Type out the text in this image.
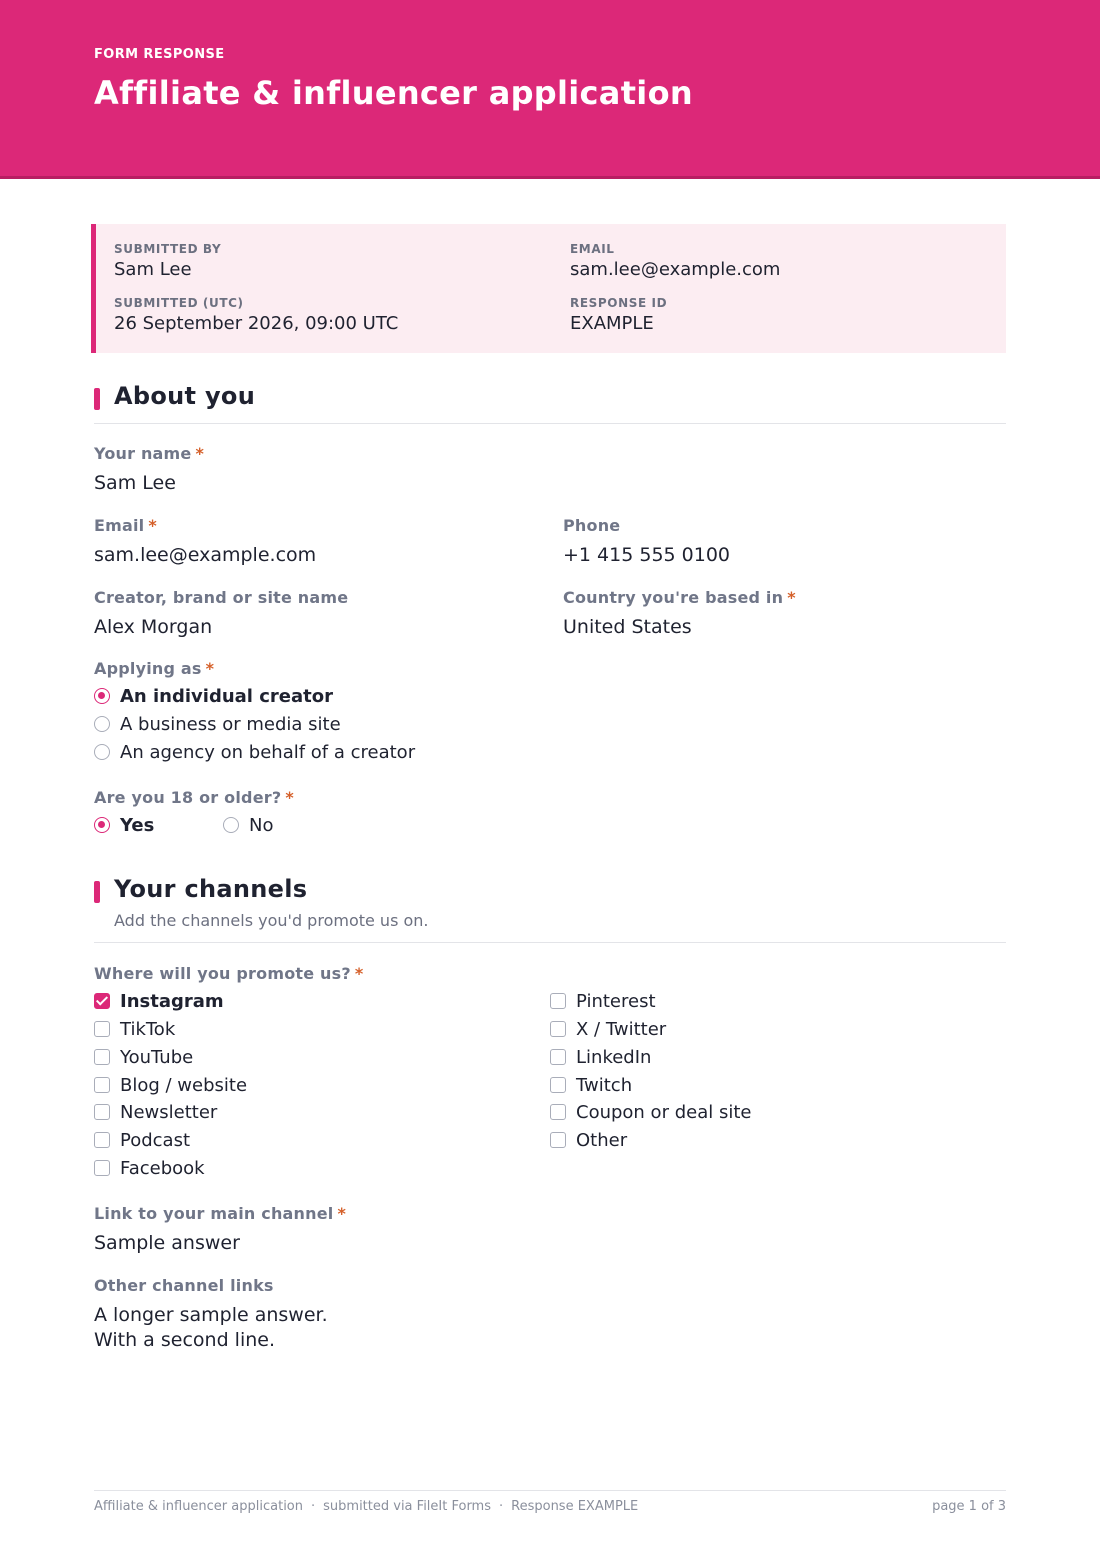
FORM RESPONSE
Affiliate & influencer application
SUBMITTED BY
Sam Lee
EMAIL
sam.lee@example.com
SUBMITTED (UTC)
26 September 2026, 09:00 UTC
RESPONSE ID
EXAMPLE
About you
Your name *
Sam Lee
Email *
sam.lee@example.com
Phone
+1 415 555 0100
Creator, brand or site name
Alex Morgan
Country you're based in *
United States
Applying as *
An individual creator
A business or media site
An agency on behalf of a creator
Are you 18 or older? *
Yes	No
Your channels
Add the channels you'd promote us on.
Where will you promote us? *
Instagram
TikTok
YouTube
Blog / website
Newsletter
Podcast
Facebook
Pinterest
X / Twitter
LinkedIn
Twitch
Coupon or deal site
Other
Link to your main channel *
Sample answer
Other channel links
A longer sample answer.
With a second line.
Affiliate & influencer application · submitted via FileIt Forms · Response EXAMPLE	page 1 of 3
